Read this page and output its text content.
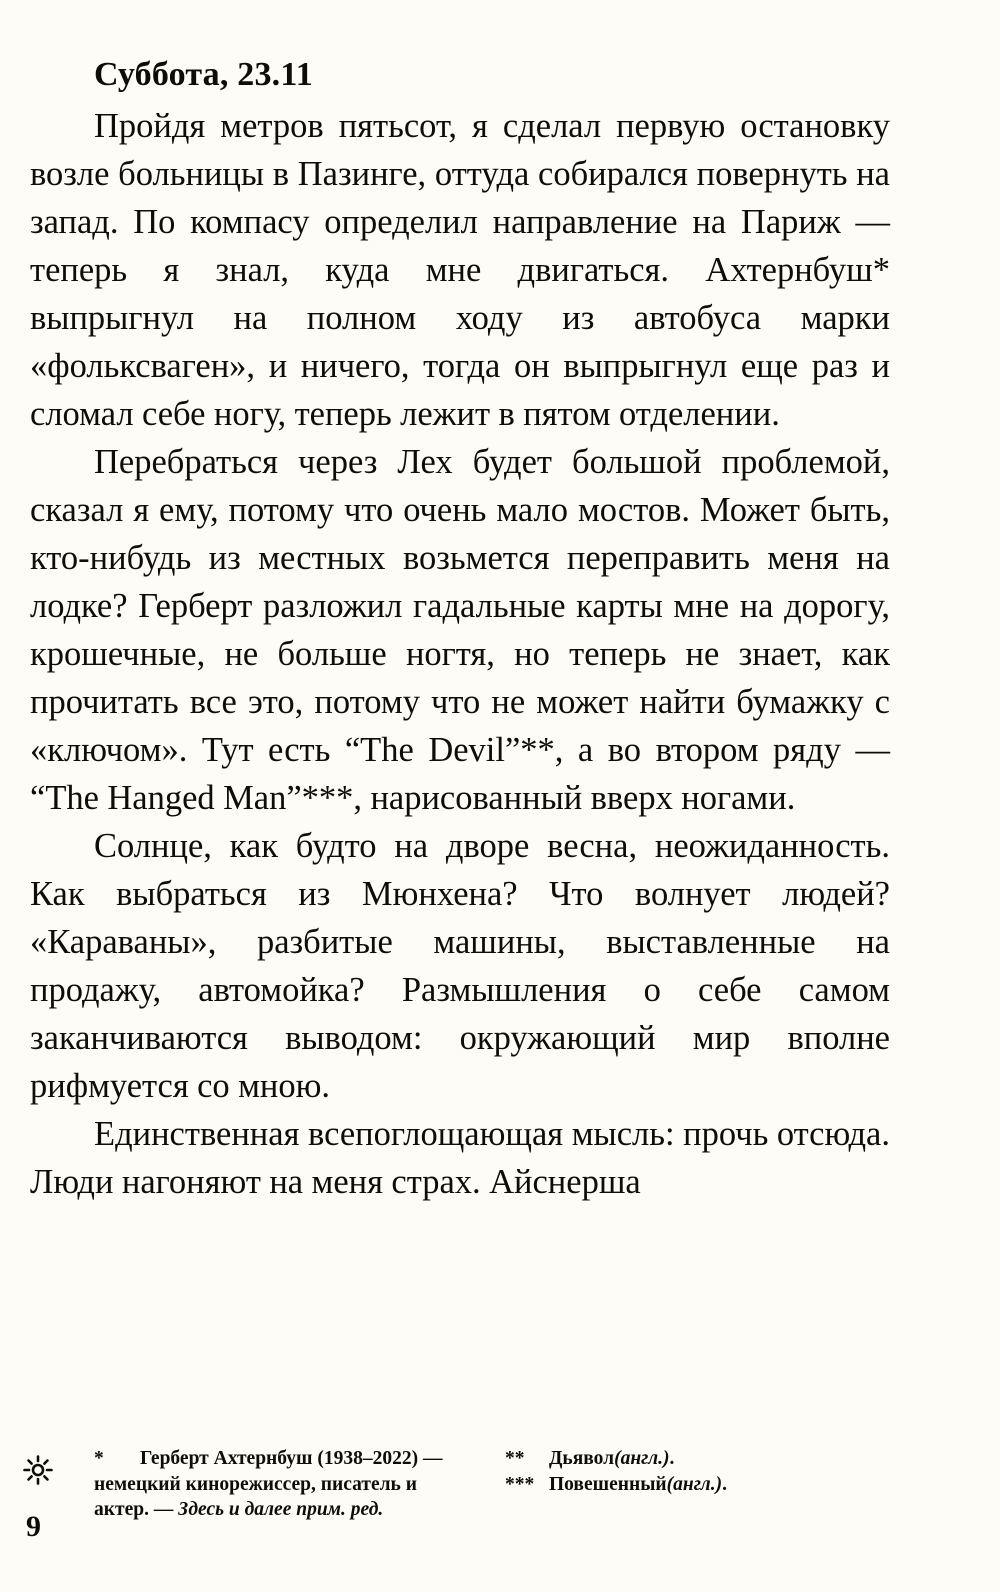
Суббота, 23.11

Пройдя метров пятьсот, я сделал первую остановку возле больницы в Пазинге, оттуда собирался повернуть на запад. По компасу определил направление на Париж — теперь я знал, куда мне двигаться. Ахтернбуш* выпрыгнул на полном ходу из автобуса марки «фольксваген», и ничего, тогда он выпрыгнул еще раз и сломал себе ногу, теперь лежит в пятом отделении.

Перебраться через Лех будет большой проблемой, сказал я ему, потому что очень мало мостов. Может быть, кто-нибудь из местных возьмется переправить меня на лодке? Герберт разложил гадальные карты мне на дорогу, крошечные, не больше ногтя, но теперь не знает, как прочитать все это, потому что не может найти бумажку с «ключом». Тут есть “The Devil”**, а во втором ряду — “The Hanged Man”***, нарисованный вверх ногами.

Солнце, как будто на дворе весна, неожиданность. Как выбраться из Мюнхена? Что волнует людей? «Караваны», разбитые машины, выставленные на продажу, автомойка? Размышления о себе самом заканчиваются выводом: окружающий мир вполне рифмуется со мною.

Единственная всепоглощающая мысль: прочь отсюда. Люди нагоняют на меня страх. Айснерша

9
* Герберт Ахтернбуш (1938–2022) — немецкий кинорежиссер, писатель и актер. — Здесь и далее прим. ред.
**	Дьявол (англ.) .
*** Повешенный (англ.) .
